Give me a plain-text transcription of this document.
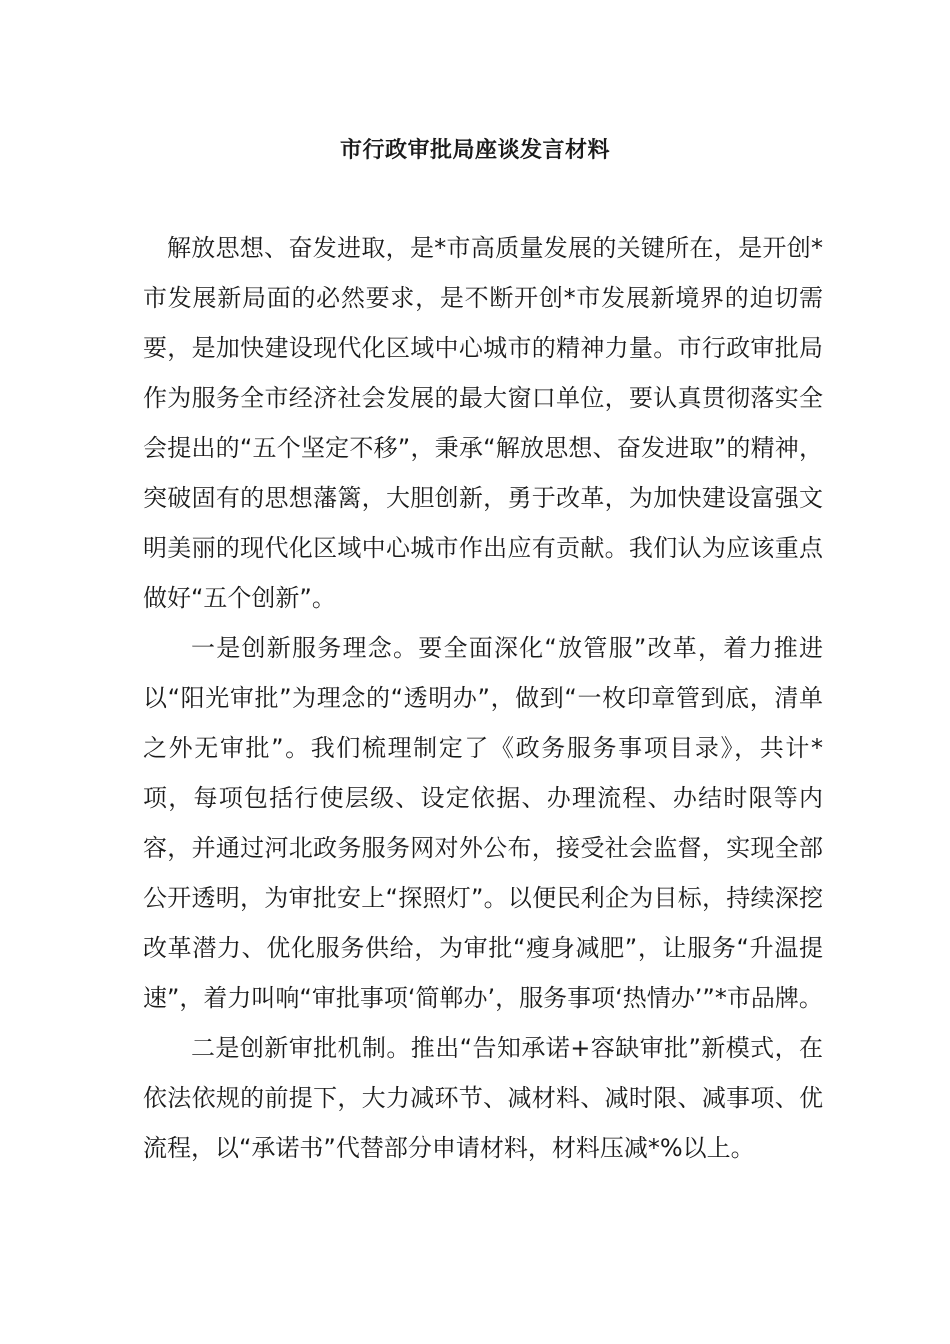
市行政审批局座谈发言材料

解放思想、奋发进取，是*市高质量发展的关键所在，是开创*市发展新局面的必然要求，是不断开创*市发展新境界的迫切需要，是加快建设现代化区域中心城市的精神力量。市行政审批局作为服务全市经济社会发展的最大窗口单位，要认真贯彻落实全会提出的“五个坚定不移”，秉承“解放思想、奋发进取”的精神，突破固有的思想藩篱，大胆创新，勇于改革，为加快建设富强文明美丽的现代化区域中心城市作出应有贡献。我们认为应该重点做好“五个创新”。

一是创新服务理念。要全面深化“放管服”改革，着力推进以“阳光审批”为理念的“透明办”，做到“一枚印章管到底，清单之外无审批”。我们梳理制定了《政务服务事项目录》，共计*项，每项包括行使层级、设定依据、办理流程、办结时限等内容，并通过河北政务服务网对外公布，接受社会监督，实现全部公开透明，为审批安上“探照灯”。以便民利企为目标，持续深挖改革潜力、优化服务供给，为审批“瘦身减肥”，让服务“升温提速”，着力叫响“审批事项‘简郸办’，服务事项‘热情办’”*市品牌。

二是创新审批机制。推出“告知承诺+容缺审批”新模式，在依法依规的前提下，大力减环节、减材料、减时限、减事项、优流程，以“承诺书”代替部分申请材料，材料压减*%以上。
